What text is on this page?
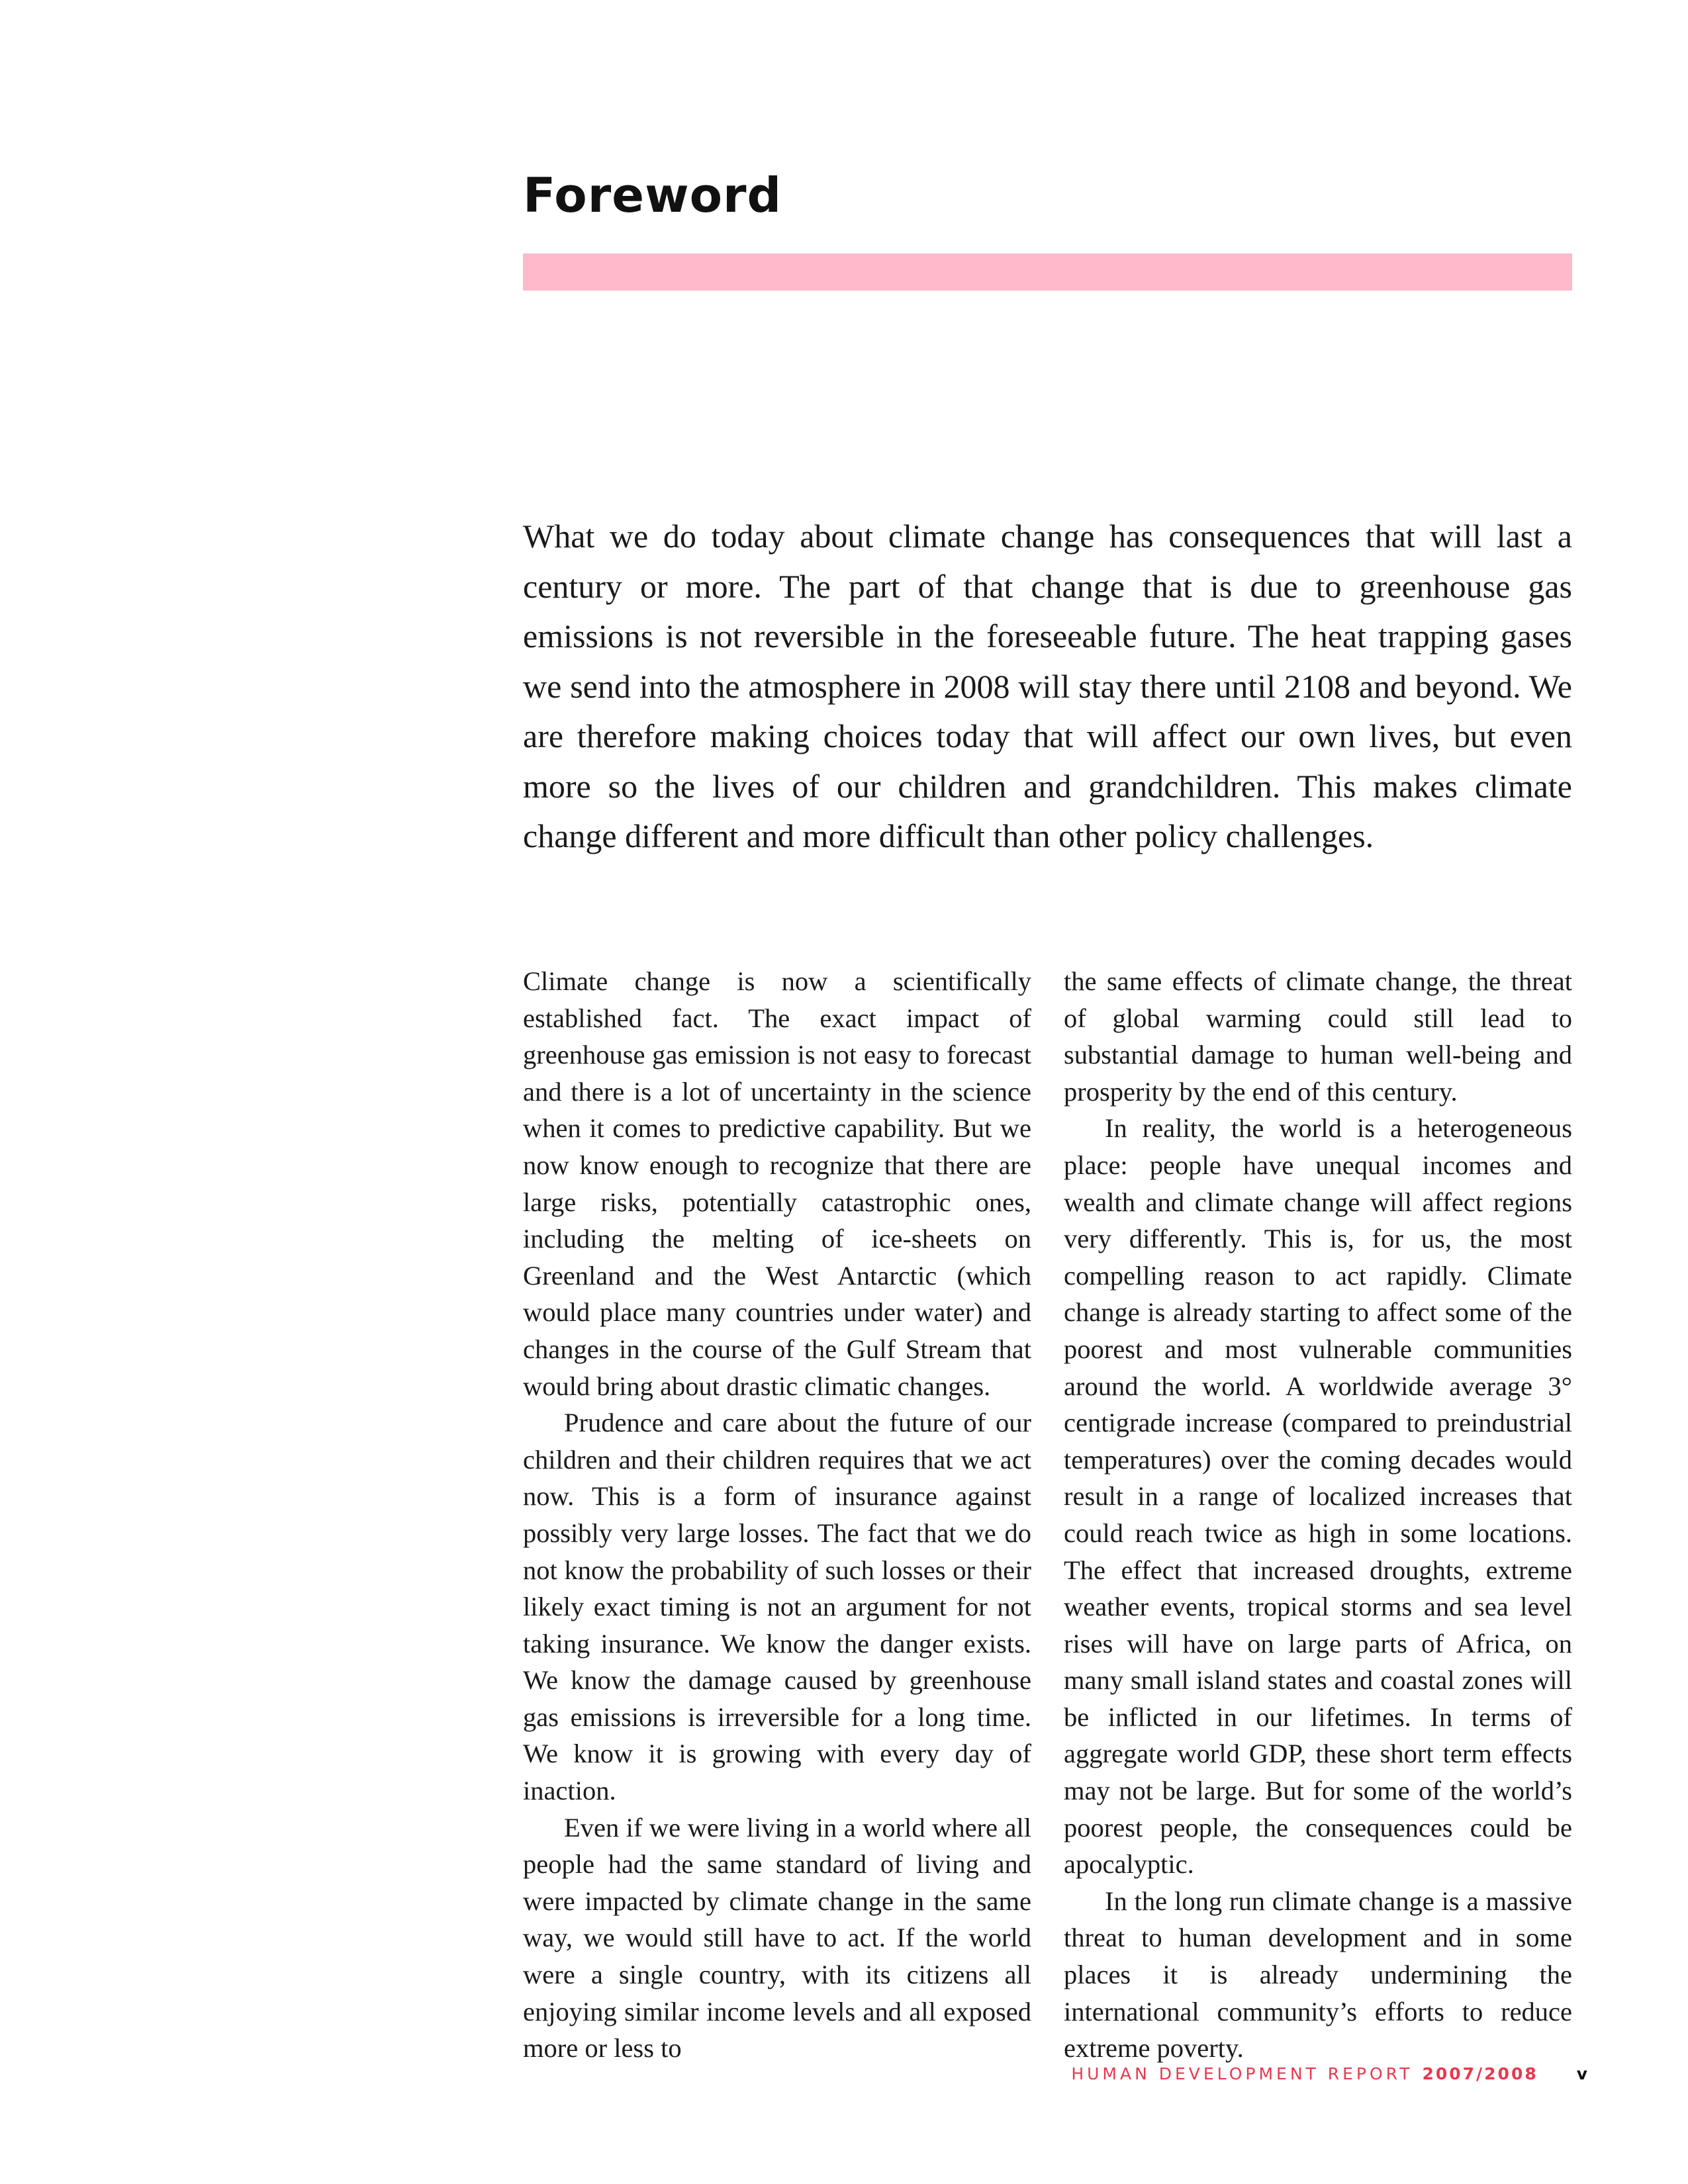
Foreword

What we do today about climate change has consequences that will last a century or more. The part of that change that is due to greenhouse gas emissions is not reversible in the foreseeable future. The heat trapping gases we send into the atmosphere in 2008 will stay there until 2108 and beyond. We are therefore making choices today that will affect our own lives, but even more so the lives of our children and grandchildren. This makes climate change different and more difficult than other policy challenges.

Climate change is now a scientifically established fact. The exact impact of greenhouse gas emission is not easy to forecast and there is a lot of uncertainty in the science when it comes to predictive capability. But we now know enough to recognize that there are large risks, potentially catastrophic ones, including the melting of ice-sheets on Greenland and the West Antarctic (which would place many countries under water) and changes in the course of the Gulf Stream that would bring about drastic climatic changes.

Prudence and care about the future of our children and their children requires that we act now. This is a form of insurance against possibly very large losses. The fact that we do not know the probability of such losses or their likely exact timing is not an argument for not taking insurance. We know the danger exists. We know the damage caused by greenhouse gas emissions is irreversible for a long time. We know it is growing with every day of inaction.

Even if we were living in a world where all people had the same standard of living and were impacted by climate change in the same way, we would still have to act. If the world were a single country, with its citizens all enjoying similar income levels and all exposed more or less to

the same effects of climate change, the threat of global warming could still lead to substantial damage to human well-being and prosperity by the end of this century.

In reality, the world is a heterogeneous place: people have unequal incomes and wealth and climate change will affect regions very differently. This is, for us, the most compelling reason to act rapidly. Climate change is already starting to affect some of the poorest and most vulnerable communities around the world. A worldwide average 3° centigrade increase (compared to preindustrial temperatures) over the coming decades would result in a range of localized increases that could reach twice as high in some locations. The effect that increased droughts, extreme weather events, tropical storms and sea level rises will have on large parts of Africa, on many small island states and coastal zones will be inflicted in our lifetimes. In terms of aggregate world GDP, these short term effects may not be large. But for some of the world’s poorest people, the consequences could be apocalyptic.

In the long run climate change is a massive threat to human development and in some places it is already undermining the international community’s efforts to reduce extreme poverty.

HUMAN DEVELOPMENT REPORT 2007/2008 v
